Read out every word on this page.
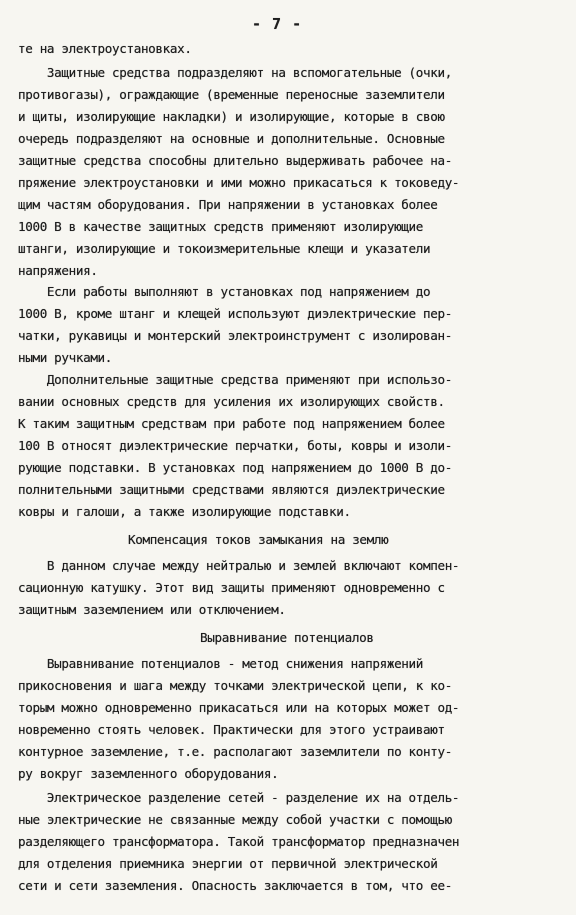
- 7 -
те на электроустановках.
Защитные средства подразделяют на вспомогательные (очки,
противогазы), ограждающие (временные переносные заземлители
и щиты, изолирующие накладки) и изолирующие, которые в свою
очередь подразделяют на основные и дополнительные. Основные
защитные средства способны длительно выдерживать рабочее на-
пряжение электроустановки и ими можно прикасаться к токоведу-
щим частям оборудования. При напряжении в установках более
1000 В в качестве защитных средств применяют изолирующие
штанги, изолирующие и токоизмерительные клещи и указатели
напряжения.
Если работы выполняют в установках под напряжением до
1000 В, кроме штанг и клещей используют диэлектрические пер-
чатки, рукавицы и монтерский электроинструмент с изолирован-
ными ручками.
Дополнительные защитные средства применяют при использо-
вании основных средств для усиления их изолирующих свойств.
К таким защитным средствам при работе под напряжением более
100 В относят диэлектрические перчатки, боты, ковры и изоли-
рующие подставки. В установках под напряжением до 1000 В до-
полнительными защитными средствами являются диэлектрические
ковры и галоши, а также изолирующие подставки.
Компенсация токов замыкания на землю
В данном случае между нейтралью и землей включают компен-
сационную катушку. Этот вид защиты применяют одновременно с
защитным заземлением или отключением.
Выравнивание потенциалов
Выравнивание потенциалов - метод снижения напряжений
прикосновения и шага между точками электрической цепи, к ко-
торым можно одновременно прикасаться или на которых может од-
новременно стоять человек. Практически для этого устраивают
контурное заземление, т.е. располагают заземлители по конту-
ру вокруг заземленного оборудования.
Электрическое разделение сетей - разделение их на отдель-
ные электрические не связанные между собой участки с помощью
разделяющего трансформатора. Такой трансформатор предназначен
для отделения приемника энергии от первичной электрической
сети и сети заземления. Опасность заключается в том, что ее-
